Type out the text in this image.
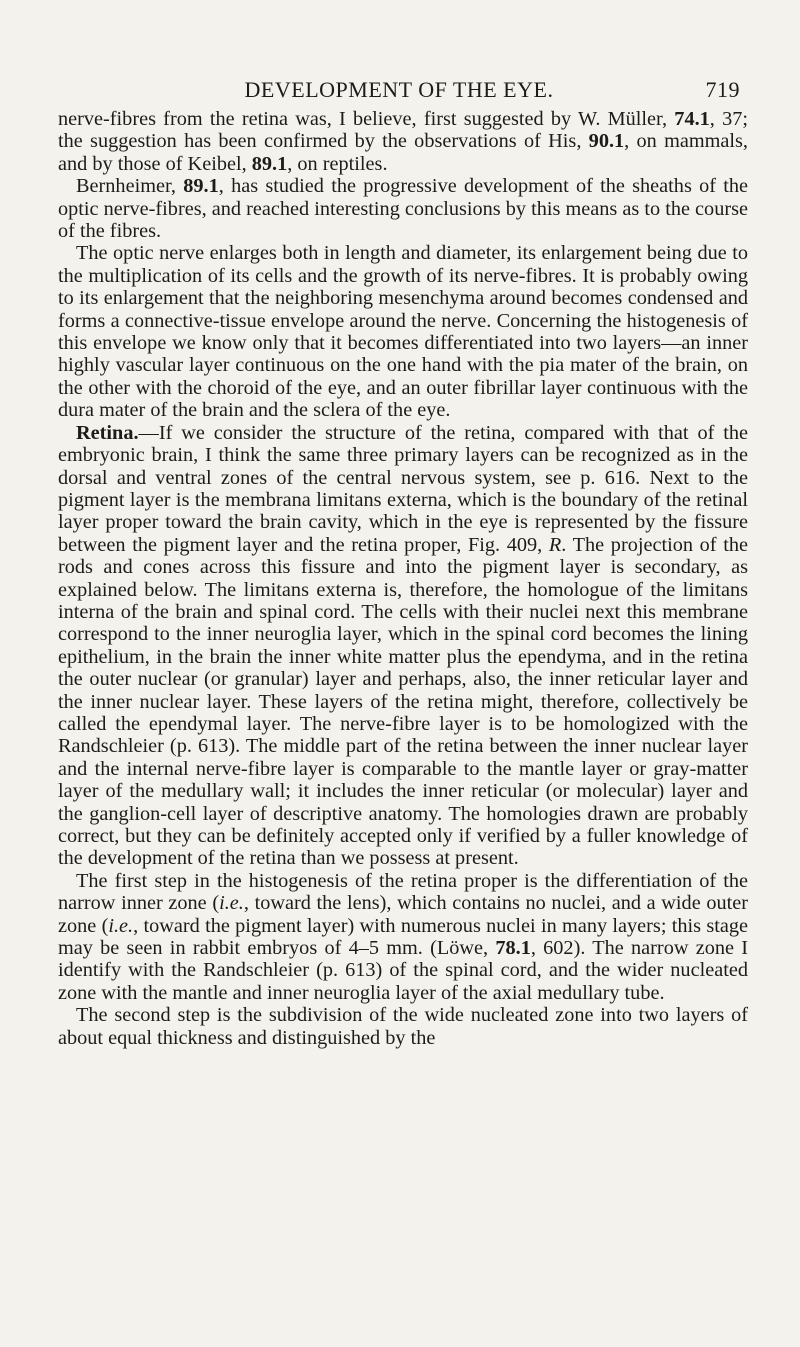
DEVELOPMENT OF THE EYE.	719

nerve-fibres from the retina was, I believe, first suggested by W. Müller, 74.1, 37; the suggestion has been confirmed by the observations of His, 90.1, on mammals, and by those of Keibel, 89.1, on reptiles.

Bernheimer, 89.1, has studied the progressive development of the sheaths of the optic nerve-fibres, and reached interesting conclusions by this means as to the course of the fibres.

The optic nerve enlarges both in length and diameter, its enlargement being due to the multiplication of its cells and the growth of its nerve-fibres. It is probably owing to its enlargement that the neighboring mesenchyma around becomes condensed and forms a connective-tissue envelope around the nerve. Concerning the histogenesis of this envelope we know only that it becomes differentiated into two layers—an inner highly vascular layer continuous on the one hand with the pia mater of the brain, on the other with the choroid of the eye, and an outer fibrillar layer continuous with the dura mater of the brain and the sclera of the eye.

Retina.—If we consider the structure of the retina, compared with that of the embryonic brain, I think the same three primary layers can be recognized as in the dorsal and ventral zones of the central nervous system, see p. 616. Next to the pigment layer is the membrana limitans externa, which is the boundary of the retinal layer proper toward the brain cavity, which in the eye is represented by the fissure between the pigment layer and the retina proper, Fig. 409, R. The projection of the rods and cones across this fissure and into the pigment layer is secondary, as explained below. The limitans externa is, therefore, the homologue of the limitans interna of the brain and spinal cord. The cells with their nuclei next this membrane correspond to the inner neuroglia layer, which in the spinal cord becomes the lining epithelium, in the brain the inner white matter plus the ependyma, and in the retina the outer nuclear (or granular) layer and perhaps, also, the inner reticular layer and the inner nuclear layer. These layers of the retina might, therefore, collectively be called the ependymal layer. The nerve-fibre layer is to be homologized with the Randschleier (p. 613). The middle part of the retina between the inner nuclear layer and the internal nerve-fibre layer is comparable to the mantle layer or gray-matter layer of the medullary wall; it includes the inner reticular (or molecular) layer and the ganglion-cell layer of descriptive anatomy. The homologies drawn are probably correct, but they can be definitely accepted only if verified by a fuller knowledge of the development of the retina than we possess at present.

The first step in the histogenesis of the retina proper is the differentiation of the narrow inner zone (i.e., toward the lens), which contains no nuclei, and a wide outer zone (i.e., toward the pigment layer) with numerous nuclei in many layers; this stage may be seen in rabbit embryos of 4–5 mm. (Löwe, 78.1, 602). The narrow zone I identify with the Randschleier (p. 613) of the spinal cord, and the wider nucleated zone with the mantle and inner neuroglia layer of the axial medullary tube.

The second step is the subdivision of the wide nucleated zone into two layers of about equal thickness and distinguished by the
